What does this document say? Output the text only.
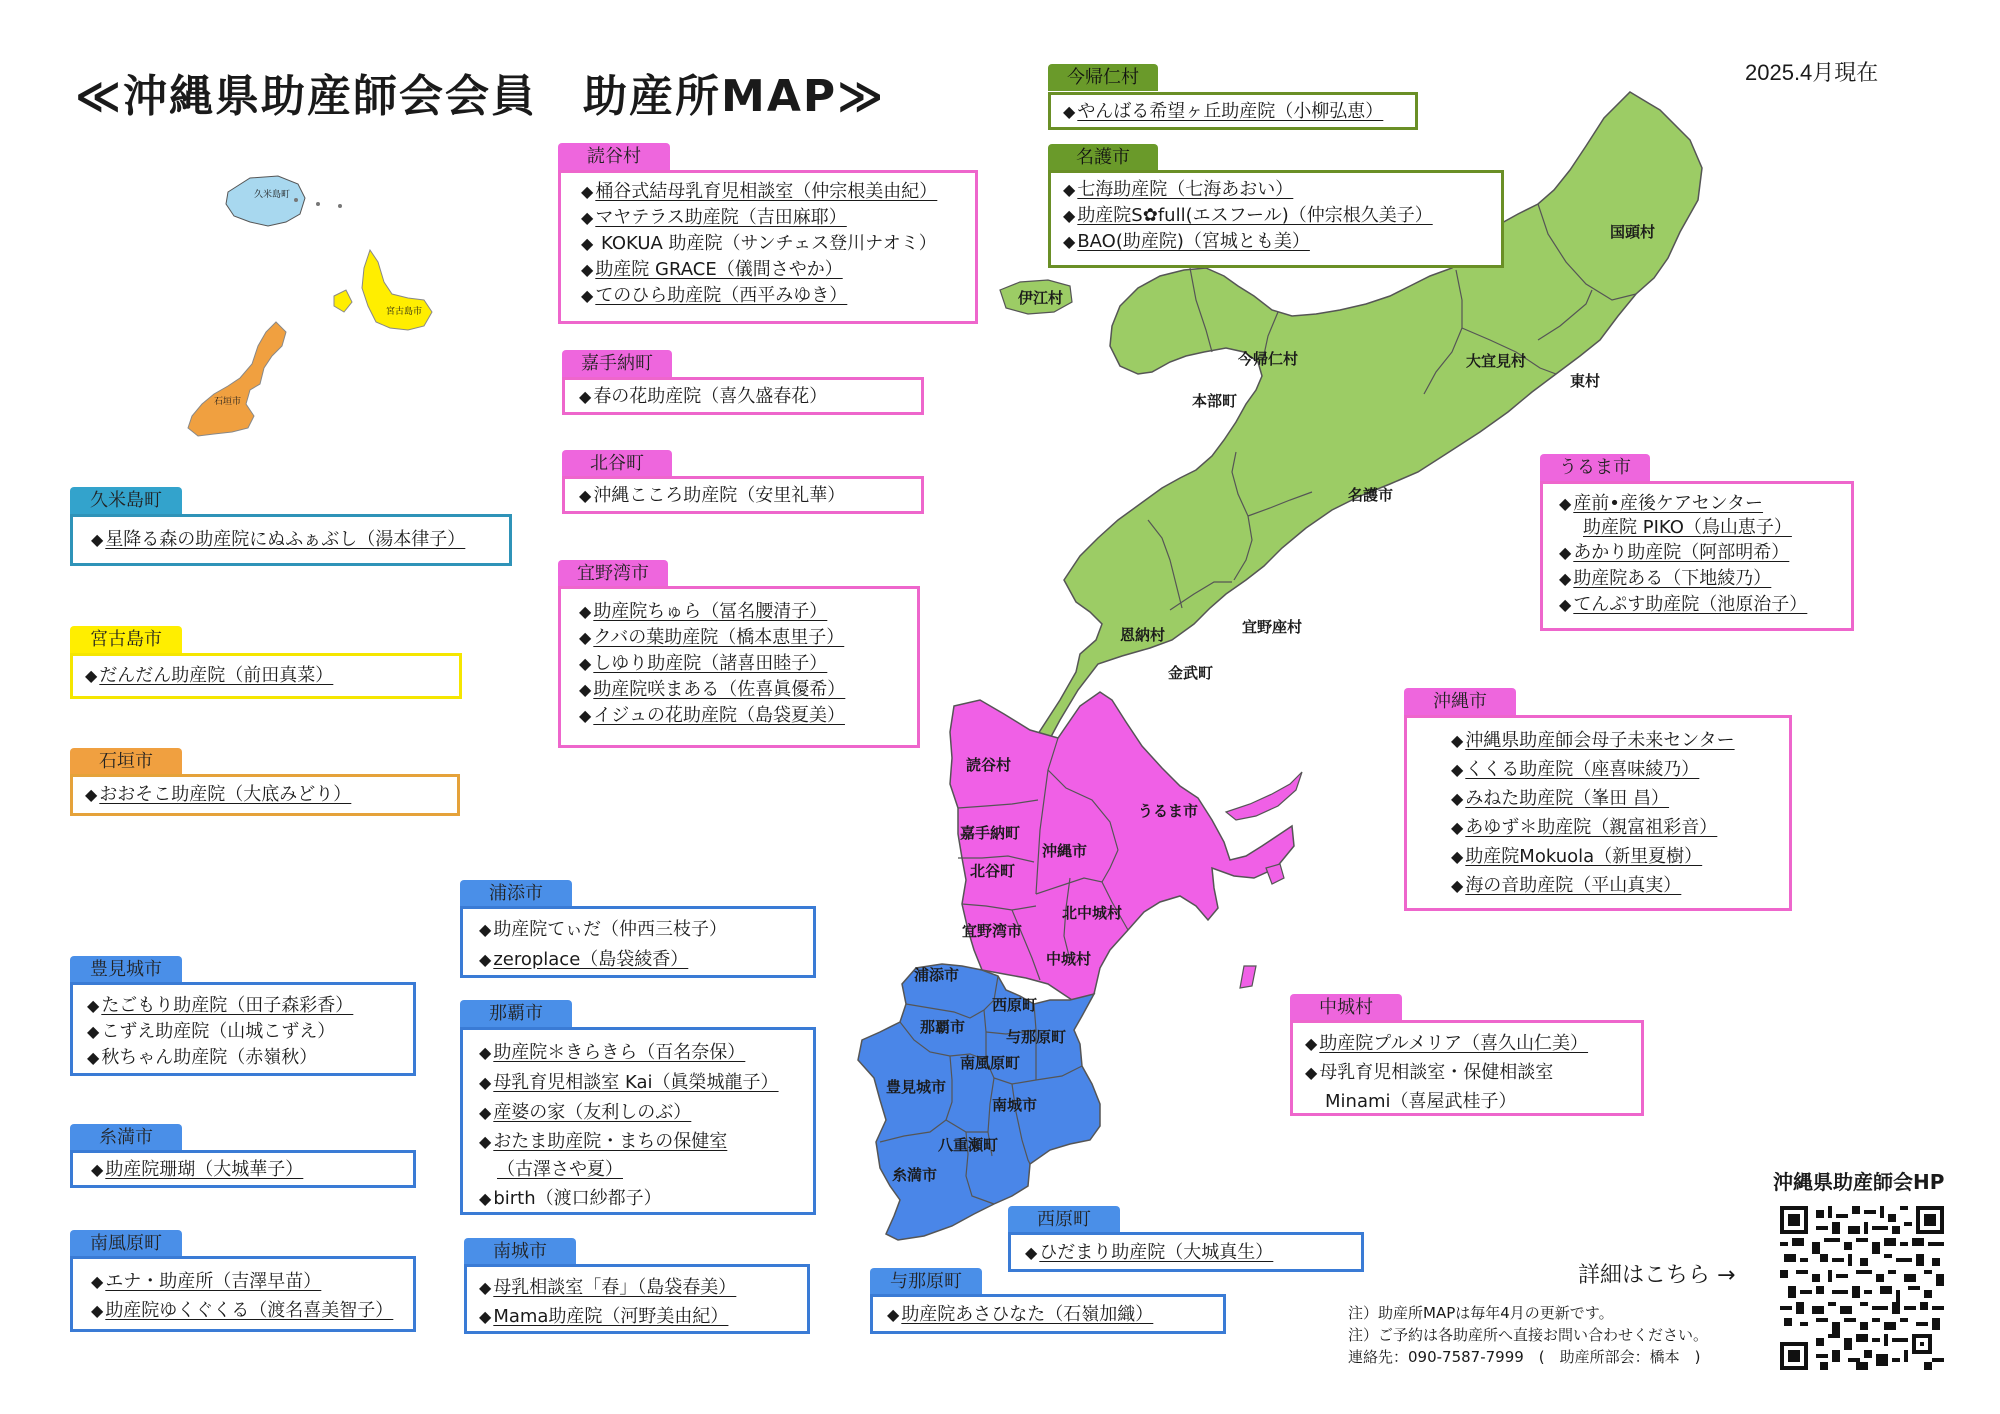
≪沖縄県助産師会会員　助産所MAP≫	2025.4月現在
久米島町
宮古島市
石垣市
伊江村
国頭村
大宜見村
東村
今帰仁村
本部町
名護市
恩納村	宜野座村
金武町
読谷村
うるま市
嘉手納町
沖縄市
北谷町
北中城村
宜野湾市
中城村
浦添市
西原町
那覇市
与那原町
南風原町
豊見城市
南城市
八重瀬町
糸満市
今帰仁村
◆ やんばる希望ヶ丘助産院（小柳弘恵）
名護市
◆ 七海助産院（七海あおい）
◆ 助産院S✿full(エスフール)（仲宗根久美子）
◆ BAO(助産院)（宮城とも美）
読谷村
◆ 桶谷式結母乳育児相談室（仲宗根美由紀）
◆ マヤテラス助産院（吉田麻耶）
◆ KOKUA 助産院（サンチェス登川ナオミ）
◆ 助産院 GRACE（儀間さやか）
◆ てのひら助産院（西平みゆき）
嘉手納町
◆ 春の花助産院（喜久盛春花）
北谷町
◆ 沖縄こころ助産院（安里礼華）
宜野湾市
◆ 助産院ちゅら（冨名腰清子）
◆ クバの葉助産院（橋本恵里子）
◆ しゆり助産院（諸喜田睦子）
◆ 助産院咲まある（佐喜眞優希）
◆ イジュの花助産院（島袋夏美）
うるま市
◆ 産前•産後ケアセンター
助産院 PIKO（鳥山恵子）
◆ あかり助産院（阿部明希）
◆ 助産院ある（下地綾乃）
◆ てんぷす助産院（池原治子）
沖縄市
◆ 沖縄県助産師会母子未来センター
◆ くくる助産院（座喜味綾乃）
◆ みねた助産院（峯田 昌）
◆ あゆず＊助産院（親富祖彩音）
◆ 助産院Mokuola（新里夏樹）
◆ 海の音助産院（平山真実）
久米島町
◆ 星降る森の助産院にぬふぁぶし（湯本律子）
宮古島市
◆ だんだん助産院（前田真菜）
石垣市
◆ おおそこ助産院（大底みどり）
浦添市
◆ 助産院てぃだ（仲西三枝子）
◆ zeroplace（島袋綾香）
那覇市
◆ 助産院＊きらきら（百名奈保）
◆ 母乳育児相談室 Kai（眞榮城龍子）
◆ 産婆の家（友利しのぶ）
◆ おたま助産院・まちの保健室
（古澤さや夏）
◆ birth（渡口紗都子）
豊見城市
◆ たごもり助産院（田子森彩香）
◆ こずえ助産院（山城こずえ）
◆ 秋ちゃん助産院（赤嶺秋）
糸満市
◆ 助産院珊瑚（大城華子）
南風原町
◆ エナ・助産所（吉澤早苗）
◆ 助産院ゆくぐくる（渡名喜美智子）
南城市
◆ 母乳相談室「春」（島袋春美）
◆ Mama助産院（河野美由紀）
西原町
◆ ひだまり助産院（大城真生）
与那原町
◆ 助産院あさひなた（石嶺加織）
中城村
◆ 助産院プルメリア（喜久山仁美）
◆ 母乳育児相談室・保健相談室
Minami（喜屋武桂子）
注）助産所MAPは毎年4月の更新です。
注）ご予約は各助産所へ直接お問い合わせください。
連絡先：090-7587-7999　(　助産所部会：橋本　)
詳細はこちら →
沖縄県助産師会HP
